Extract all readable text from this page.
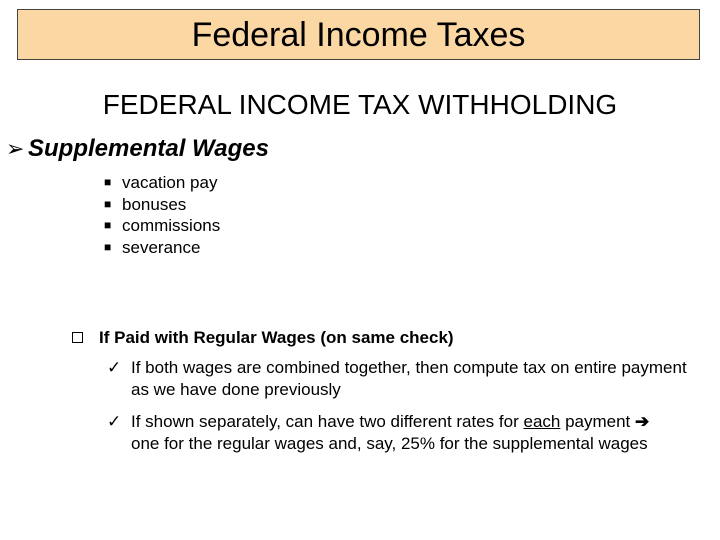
Federal Income Taxes
FEDERAL INCOME TAX WITHHOLDING
➢ Supplemental Wages
■ vacation pay
■ bonuses
■ commissions
■ severance
If Paid with Regular Wages (on same check)
✓ If both wages are combined together, then compute tax on entire payment as we have done previously
✓ If shown separately, can have two different rates for each payment ➔
one for the regular wages and, say, 25% for the supplemental wages
